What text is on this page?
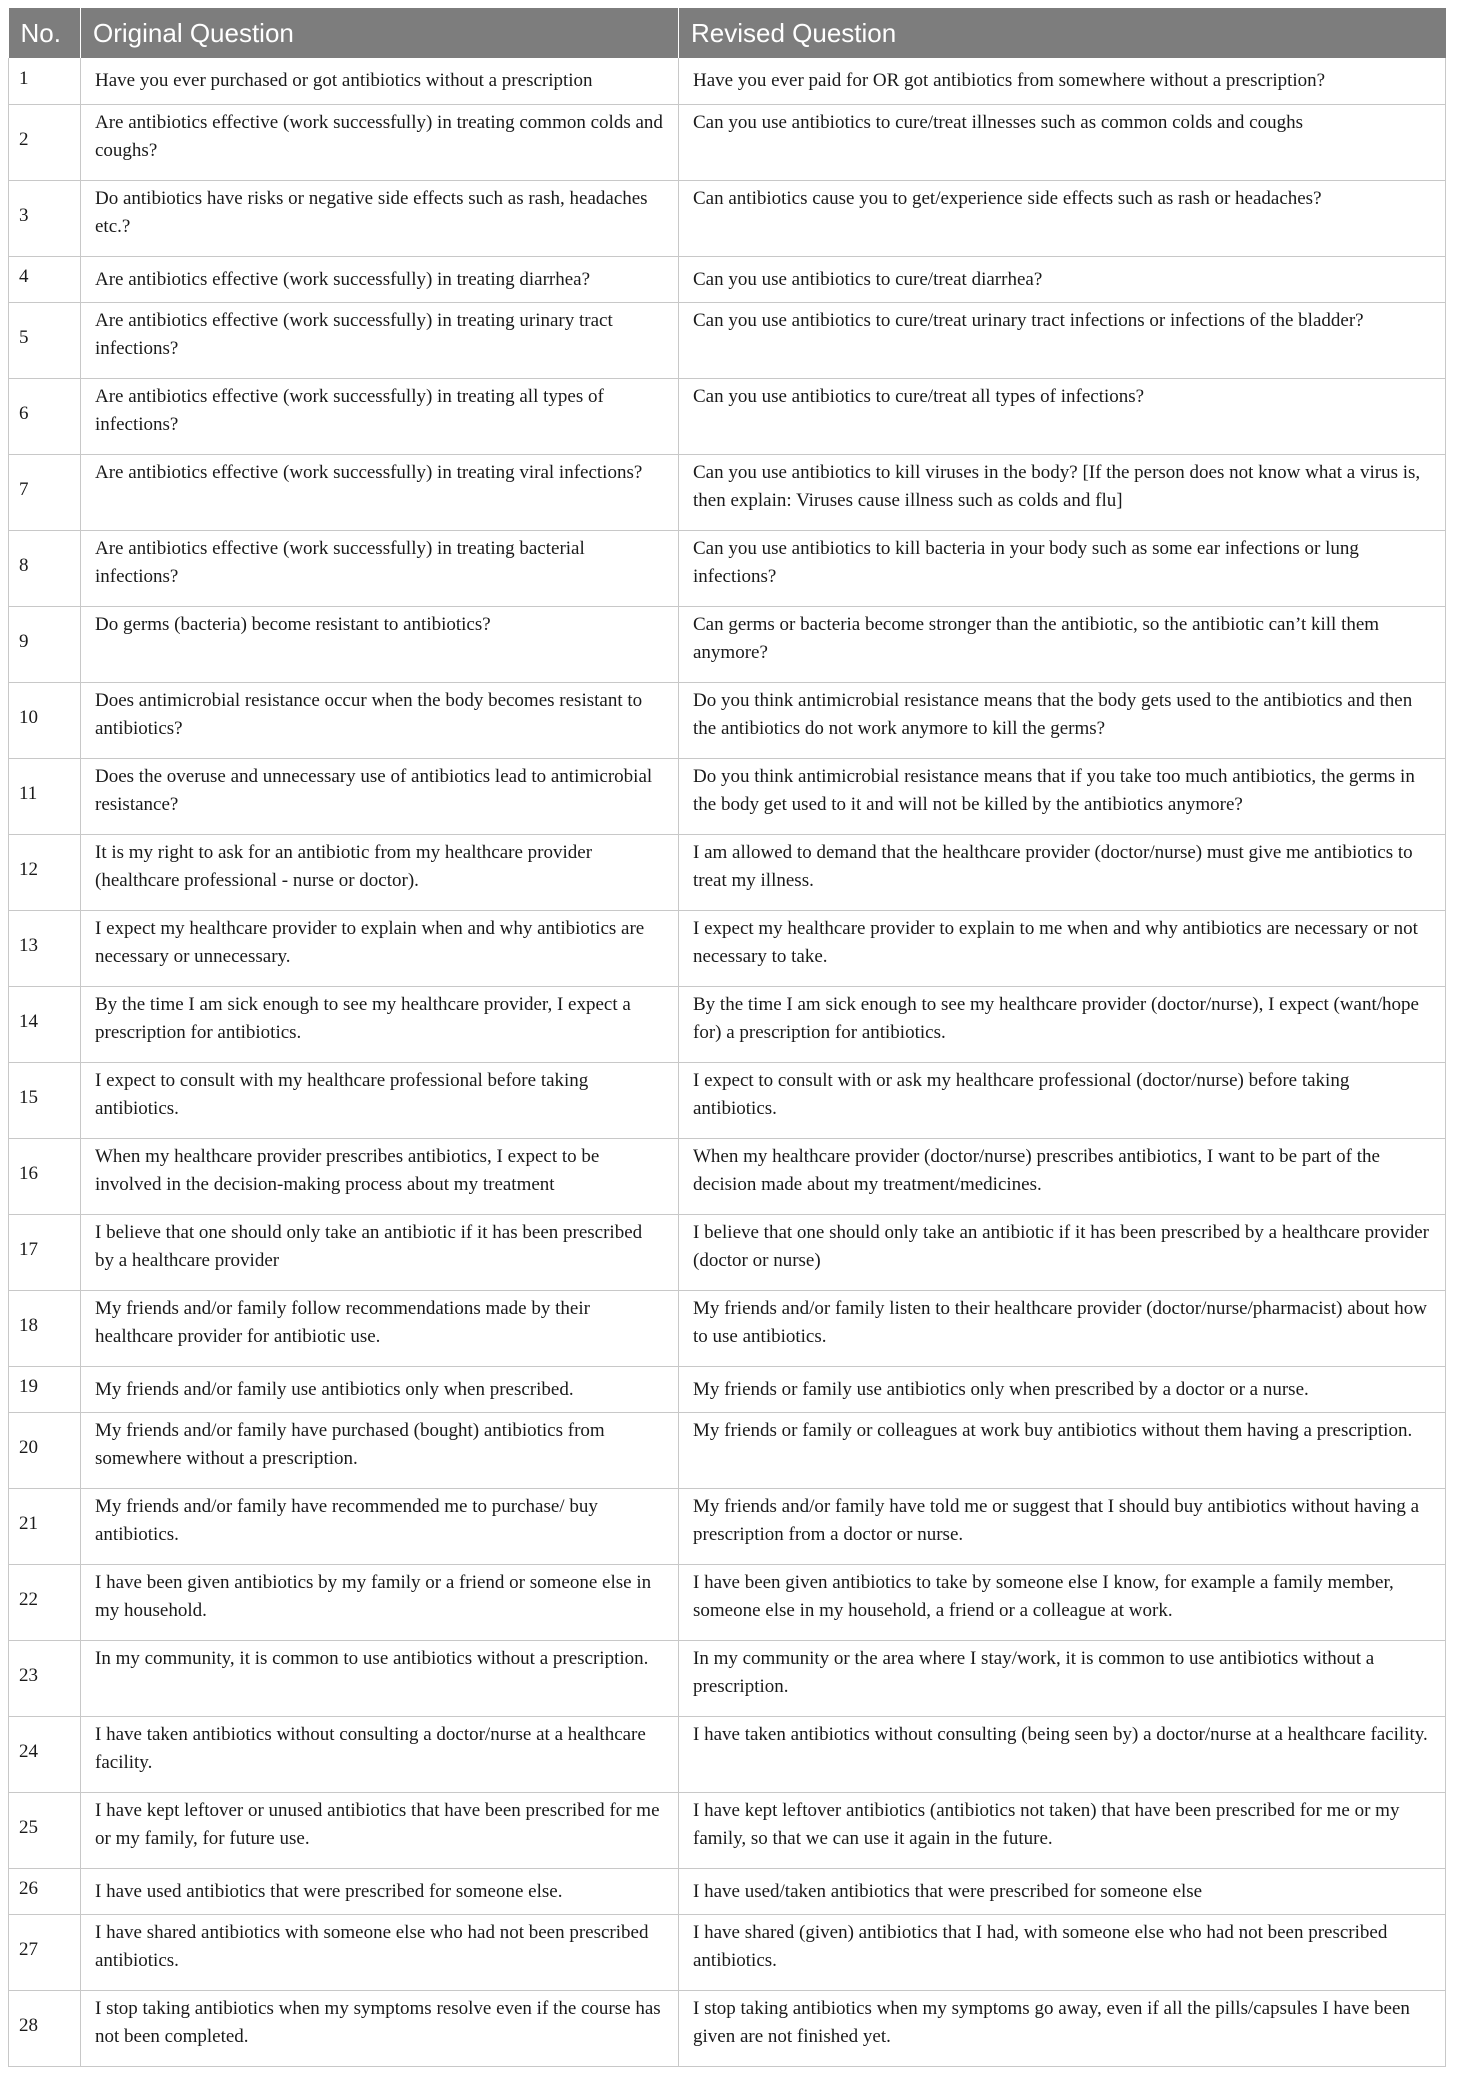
No.	Original Question	Revised Question
1	Have you ever purchased or got antibiotics without a prescription	Have you ever paid for OR got antibiotics from somewhere without a prescription?
2	Are antibiotics effective (work successfully) in treating common colds and coughs?	Can you use antibiotics to cure/treat illnesses such as common colds and coughs
3	Do antibiotics have risks or negative side effects such as rash, headaches etc.?	Can antibiotics cause you to get/experience side effects such as rash or headaches?
4	Are antibiotics effective (work successfully) in treating diarrhea?	Can you use antibiotics to cure/treat diarrhea?
5	Are antibiotics effective (work successfully) in treating urinary tract infections?	Can you use antibiotics to cure/treat urinary tract infections or infections of the bladder?
6	Are antibiotics effective (work successfully) in treating all types of infections?	Can you use antibiotics to cure/treat all types of infections?
7	Are antibiotics effective (work successfully) in treating viral infections?	Can you use antibiotics to kill viruses in the body? [If the person does not know what a virus is, then explain: Viruses cause illness such as colds and flu]
8	Are antibiotics effective (work successfully) in treating bacterial infections?	Can you use antibiotics to kill bacteria in your body such as some ear infections or lung infections?
9	Do germs (bacteria) become resistant to antibiotics?	Can germs or bacteria become stronger than the antibiotic, so the antibiotic can’t kill them anymore?
10	Does antimicrobial resistance occur when the body becomes resistant to antibiotics?	Do you think antimicrobial resistance means that the body gets used to the antibiotics and then the antibiotics do not work anymore to kill the germs?
11	Does the overuse and unnecessary use of antibiotics lead to antimicrobial resistance?	Do you think antimicrobial resistance means that if you take too much antibiotics, the germs in the body get used to it and will not be killed by the antibiotics anymore?
12	It is my right to ask for an antibiotic from my healthcare provider (healthcare professional - nurse or doctor).	I am allowed to demand that the healthcare provider (doctor/nurse) must give me antibiotics to treat my illness.
13	I expect my healthcare provider to explain when and why antibiotics are necessary or unnecessary.	I expect my healthcare provider to explain to me when and why antibiotics are necessary or not necessary to take.
14	By the time I am sick enough to see my healthcare provider, I expect a prescription for antibiotics.	By the time I am sick enough to see my healthcare provider (doctor/nurse), I expect (want/hope for) a prescription for antibiotics.
15	I expect to consult with my healthcare professional before taking antibiotics.	I expect to consult with or ask my healthcare professional (doctor/nurse) before taking antibiotics.
16	When my healthcare provider prescribes antibiotics, I expect to be involved in the decision-making process about my treatment	When my healthcare provider (doctor/nurse) prescribes antibiotics, I want to be part of the decision made about my treatment/medicines.
17	I believe that one should only take an antibiotic if it has been prescribed by a healthcare provider	I believe that one should only take an antibiotic if it has been prescribed by a healthcare provider (doctor or nurse)
18	My friends and/or family follow recommendations made by their healthcare provider for antibiotic use.	My friends and/or family listen to their healthcare provider (doctor/nurse/pharmacist) about how to use antibiotics.
19	My friends and/or family use antibiotics only when prescribed.	My friends or family use antibiotics only when prescribed by a doctor or a nurse.
20	My friends and/or family have purchased (bought) antibiotics from somewhere without a prescription.	My friends or family or colleagues at work buy antibiotics without them having a prescription.
21	My friends and/or family have recommended me to purchase/ buy antibiotics.	My friends and/or family have told me or suggest that I should buy antibiotics without having a prescription from a doctor or nurse.
22	I have been given antibiotics by my family or a friend or someone else in my household.	I have been given antibiotics to take by someone else I know, for example a family member, someone else in my household, a friend or a colleague at work.
23	In my community, it is common to use antibiotics without a prescription.	In my community or the area where I stay/work, it is common to use antibiotics without a prescription.
24	I have taken antibiotics without consulting a doctor/nurse at a healthcare facility.	I have taken antibiotics without consulting (being seen by) a doctor/nurse at a healthcare facility.
25	I have kept leftover or unused antibiotics that have been prescribed for me or my family, for future use.	I have kept leftover antibiotics (antibiotics not taken) that have been prescribed for me or my family, so that we can use it again in the future.
26	I have used antibiotics that were prescribed for someone else.	I have used/taken antibiotics that were prescribed for someone else
27	I have shared antibiotics with someone else who had not been prescribed antibiotics.	I have shared (given) antibiotics that I had, with someone else who had not been prescribed antibiotics.
28	I stop taking antibiotics when my symptoms resolve even if the course has not been completed.	I stop taking antibiotics when my symptoms go away, even if all the pills/capsules I have been given are not finished yet.
